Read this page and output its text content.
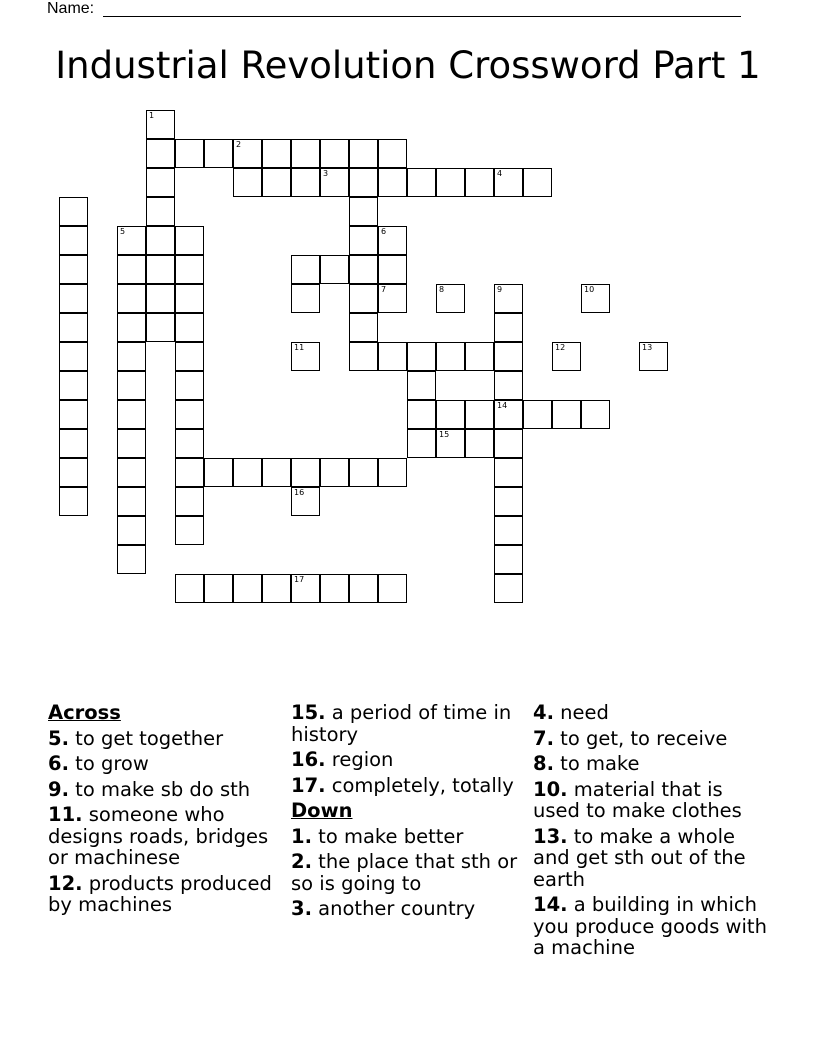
Name:
Industrial Revolution Crossword Part 1
2
3	4
11
14
15
17
9
1
5	6
7	8	10
12	13
16
Across
5. to get together
6. to grow
9. to make sb do sth
11. someone who designs roads, bridges or machinese
12. products produced by machines
15. a period of time in history
16. region
17. completely, totally
Down
1. to make better
2. the place that sth or so is going to
3. another country
4. need
7. to get, to receive
8. to make
10. material that is used to make clothes
13. to make a whole and get sth out of the earth
14. a building in which you produce goods with a machine
